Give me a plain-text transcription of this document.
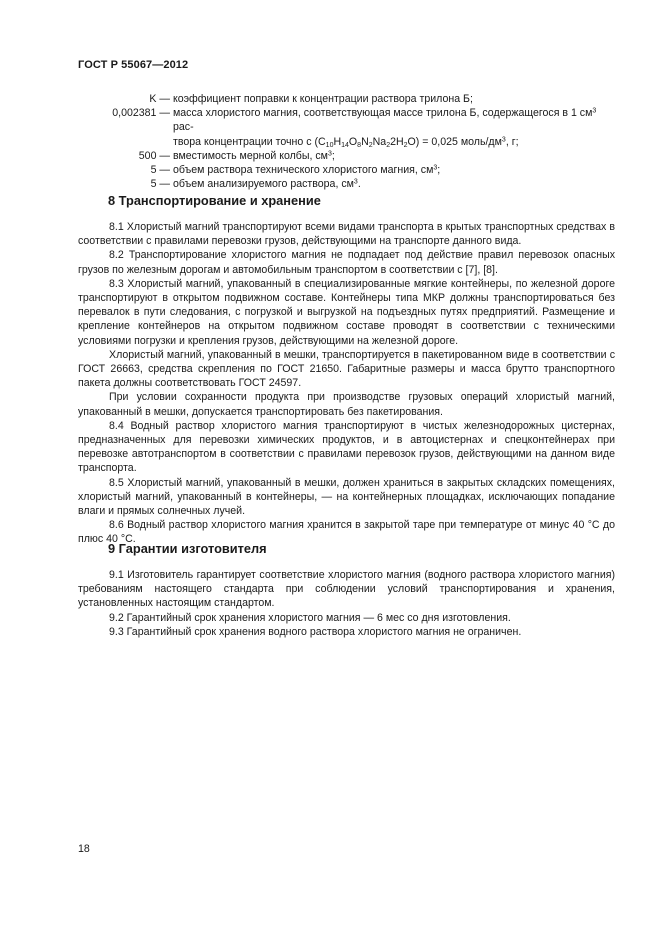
ГОСТ Р 55067—2012
K — коэффициент поправки к концентрации раствора трилона Б;
0,002381 — масса хлористого магния, соответствующая массе трилона Б, содержащегося в 1 $см^3$ рас-
твора концентрации точно с $(C_{10}H_{14}O_8N_2Na_22H_2O) = 0,025$ моль/$дм^3$, г;
500 — вместимость мерной колбы, $см^3$;
5 — объем раствора технического хлористого магния, $см^3$;
5 — объем анализируемого раствора, $см^3$.
8 Транспортирование и хранение

8.1 Хлористый магний транспортируют всеми видами транспорта в крытых транспортных средствах в соответствии с правилами перевозки грузов, действующими на транспорте данного вида.

8.2 Транспортирование хлористого магния не подпадает под действие правил перевозок опасных грузов по железным дорогам и автомобильным транспортом в соответствии с [7], [8].

8.3 Хлористый магний, упакованный в специализированные мягкие контейнеры, по железной дороге транспортируют в открытом подвижном составе. Контейнеры типа МКР должны транспортироваться без перевалок в пути следования, с погрузкой и выгрузкой на подъездных путях предприятий. Размещение и крепление контейнеров на открытом подвижном составе проводят в соответствии с техническими условиями погрузки и крепления грузов, действующими на железной дороге.

Хлористый магний, упакованный в мешки, транспортируется в пакетированном виде в соответствии с ГОСТ 26663, средства скрепления по ГОСТ 21650. Габаритные размеры и масса брутто транспортного пакета должны соответствовать ГОСТ 24597.

При условии сохранности продукта при производстве грузовых операций хлористый магний, упакованный в мешки, допускается транспортировать без пакетирования.

8.4 Водный раствор хлористого магния транспортируют в чистых железнодорожных цистернах, предназначенных для перевозки химических продуктов, и в автоцистернах и спецконтейнерах при перевозке автотранспортом в соответствии с правилами перевозок грузов, действующими на данном виде транспорта.

8.5 Хлористый магний, упакованный в мешки, должен храниться в закрытых складских помещениях, хлористый магний, упакованный в контейнеры, — на контейнерных площадках, исключающих попадание влаги и прямых солнечных лучей.

8.6 Водный раствор хлористого магния хранится в закрытой таре при температуре от минус 40 °С до плюс 40 °С.

9 Гарантии изготовителя

9.1 Изготовитель гарантирует соответствие хлористого магния (водного раствора хлористого магния) требованиям настоящего стандарта при соблюдении условий транспортирования и хранения, установленных настоящим стандартом.

9.2 Гарантийный срок хранения хлористого магния — 6 мес со дня изготовления.

9.3 Гарантийный срок хранения водного раствора хлористого магния не ограничен.

18
